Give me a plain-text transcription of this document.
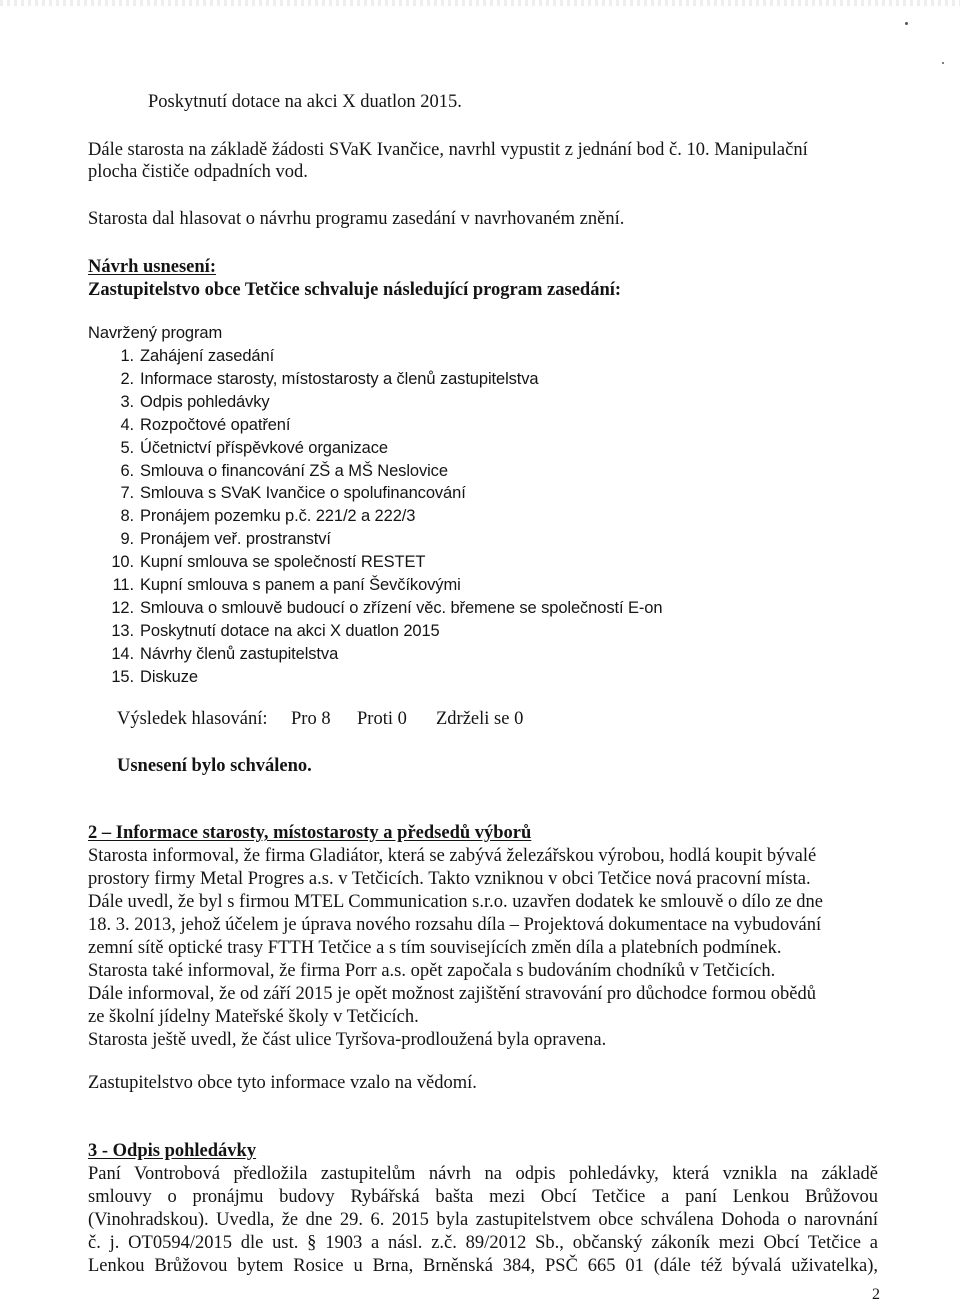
Poskytnutí dotace na akci X duatlon 2015.
Dále starosta na základě žádosti SVaK Ivančice, navrhl vypustit z jednání bod č. 10. Manipulační
plocha čističe odpadních vod.
Starosta dal hlasovat o návrhu programu zasedání v navrhovaném znění.
Návrh usnesení:
Zastupitelstvo obce Tetčice schvaluje následující program zasedání:
Navržený program
1. Zahájení zasedání
2. Informace starosty, místostarosty a členů zastupitelstva
3. Odpis pohledávky
4. Rozpočtové opatření
5. Účetnictví příspěvkové organizace
6. Smlouva o financování ZŠ a MŠ Neslovice
7. Smlouva s SVaK Ivančice o spolufinancování
8. Pronájem pozemku p.č. 221/2 a 222/3
9. Pronájem veř. prostranství
10. Kupní smlouva se společností RESTET
11. Kupní smlouva s panem a paní Ševčíkovými
12. Smlouva o smlouvě budoucí o zřízení věc. břemene se společností E-on
13. Poskytnutí dotace na akci X duatlon 2015
14. Návrhy členů zastupitelstva
15. Diskuze
Výsledek hlasování: Pro 8 Proti 0 Zdrželi se 0
Usnesení bylo schváleno.
2 – Informace starosty, místostarosty a předsedů výborů
Starosta informoval, že firma Gladiátor, která se zabývá železářskou výrobou, hodlá koupit bývalé
prostory firmy Metal Progres a.s. v Tetčicích. Takto vzniknou v obci Tetčice nová pracovní místa.
Dále uvedl, že byl s firmou MTEL Communication s.r.o. uzavřen dodatek ke smlouvě o dílo ze dne
18. 3. 2013, jehož účelem je úprava nového rozsahu díla – Projektová dokumentace na vybudování
zemní sítě optické trasy FTTH Tetčice a s tím souvisejících změn díla a platebních podmínek.
Starosta také informoval, že firma Porr a.s. opět započala s budováním chodníků v Tetčicích.
Dále informoval, že od září 2015 je opět možnost zajištění stravování pro důchodce formou obědů
ze školní jídelny Mateřské školy v Tetčicích.
Starosta ještě uvedl, že část ulice Tyršova-prodloužená byla opravena.
Zastupitelstvo obce tyto informace vzalo na vědomí.
3 - Odpis pohledávky
Paní Vontrobová předložila zastupitelům návrh na odpis pohledávky, která vznikla na základě
smlouvy o pronájmu budovy Rybářská bašta mezi Obcí Tetčice a paní Lenkou Brůžovou
(Vinohradskou). Uvedla, že dne 29. 6. 2015 byla zastupitelstvem obce schválena Dohoda o narovnání
č. j. OT0594/2015 dle ust. § 1903 a násl. z.č. 89/2012 Sb., občanský zákoník mezi Obcí Tetčice a
Lenkou Brůžovou bytem Rosice u Brna, Brněnská 384, PSČ 665 01 (dále též bývalá uživatelka),
2
